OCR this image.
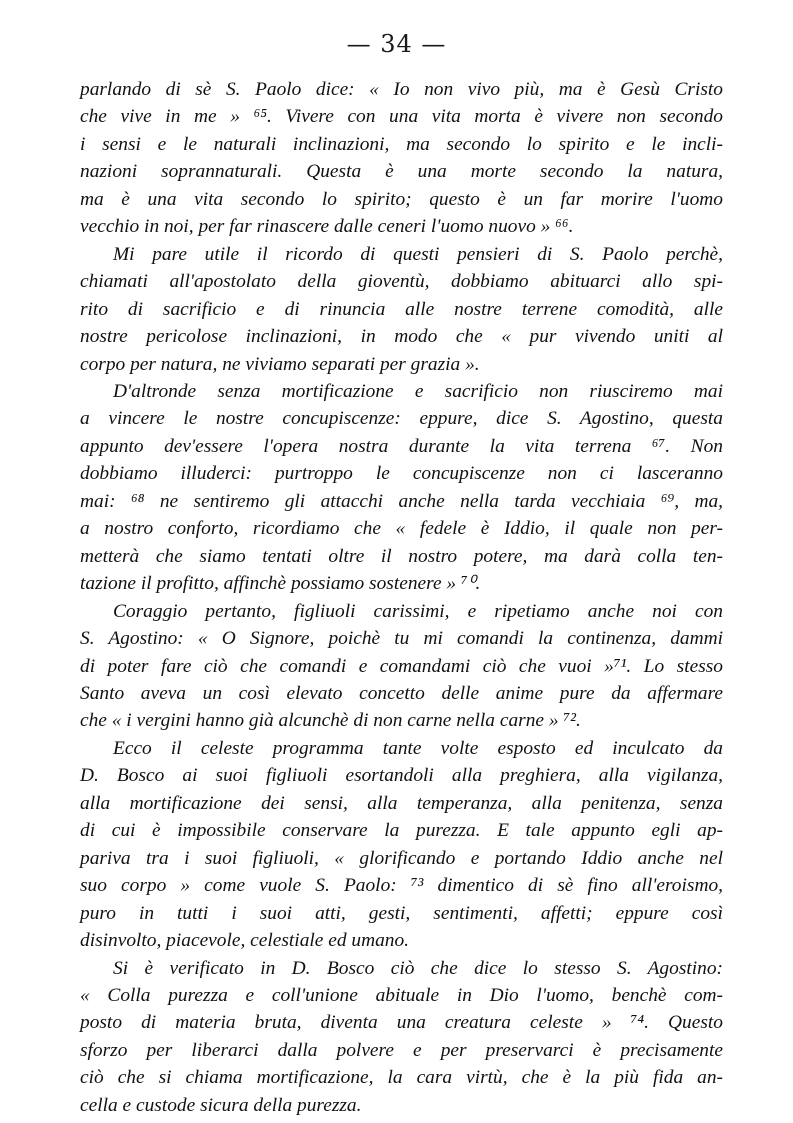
— 34 —

parlando di sè S. Paolo dice: « Io non vivo più, ma è Gesù Cristo
che vive in me » ⁶⁵. Vivere con una vita morta è vivere non secondo
i sensi e le naturali inclinazioni, ma secondo lo spirito e le incli-
nazioni soprannaturali. Questa è una morte secondo la natura,
ma è una vita secondo lo spirito; questo è un far morire l'uomo
vecchio in noi, per far rinascere dalle ceneri l'uomo nuovo » ⁶⁶.

Mi pare utile il ricordo di questi pensieri di S. Paolo perchè,
chiamati all'apostolato della gioventù, dobbiamo abituarci allo spi-
rito di sacrificio e di rinuncia alle nostre terrene comodità, alle
nostre pericolose inclinazioni, in modo che « pur vivendo uniti al
corpo per natura, ne viviamo separati per grazia ».

D'altronde senza mortificazione e sacrificio non riusciremo mai
a vincere le nostre concupiscenze: eppure, dice S. Agostino, questa
appunto dev'essere l'opera nostra durante la vita terrena ⁶⁷. Non
dobbiamo illuderci: purtroppo le concupiscenze non ci lasceranno
mai: ⁶⁸ ne sentiremo gli attacchi anche nella tarda vecchiaia ⁶⁹, ma,
a nostro conforto, ricordiamo che « fedele è Iddio, il quale non per-
metterà che siamo tentati oltre il nostro potere, ma darà colla ten-
tazione il profitto, affinchè possiamo sostenere » ⁷⁰.

Coraggio pertanto, figliuoli carissimi, e ripetiamo anche noi con
S. Agostino: « O Signore, poichè tu mi comandi la continenza, dammi
di poter fare ciò che comandi e comandami ciò che vuoi »⁷¹. Lo stesso
Santo aveva un così elevato concetto delle anime pure da affermare
che « i vergini hanno già alcunchè di non carne nella carne » ⁷².

Ecco il celeste programma tante volte esposto ed inculcato da
D. Bosco ai suoi figliuoli esortandoli alla preghiera, alla vigilanza,
alla mortificazione dei sensi, alla temperanza, alla penitenza, senza
di cui è impossibile conservare la purezza. E tale appunto egli ap-
pariva tra i suoi figliuoli, « glorificando e portando Iddio anche nel
suo corpo » come vuole S. Paolo: ⁷³ dimentico di sè fino all'eroismo,
puro in tutti i suoi atti, gesti, sentimenti, affetti; eppure così
disinvolto, piacevole, celestiale ed umano.

Si è verificato in D. Bosco ciò che dice lo stesso S. Agostino:
« Colla purezza e coll'unione abituale in Dio l'uomo, benchè com-
posto di materia bruta, diventa una creatura celeste » ⁷⁴. Questo
sforzo per liberarci dalla polvere e per preservarci è precisamente
ciò che si chiama mortificazione, la cara virtù, che è la più fida an-
cella e custode sicura della purezza.
